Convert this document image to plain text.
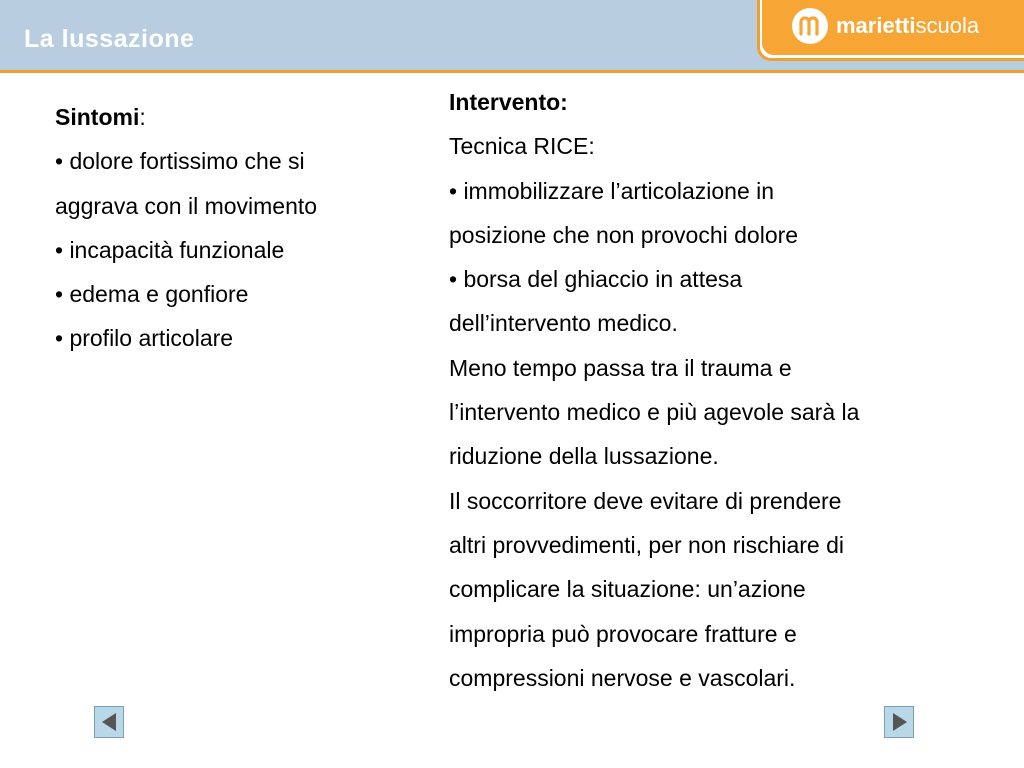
La lussazione	mariettiscuola

Sintomi:

• dolore fortissimo che si

aggrava con il movimento

• incapacità funzionale

• edema e gonfiore

• profilo articolare

Intervento:

Tecnica RICE:

• immobilizzare l’articolazione in

posizione che non provochi dolore

• borsa del ghiaccio in attesa

dell’intervento medico.

Meno tempo passa tra il trauma e

l’intervento medico e più agevole sarà la

riduzione della lussazione.

Il soccorritore deve evitare di prendere

altri provvedimenti, per non rischiare di

complicare la situazione: un’azione

impropria può provocare fratture e

compressioni nervose e vascolari.
